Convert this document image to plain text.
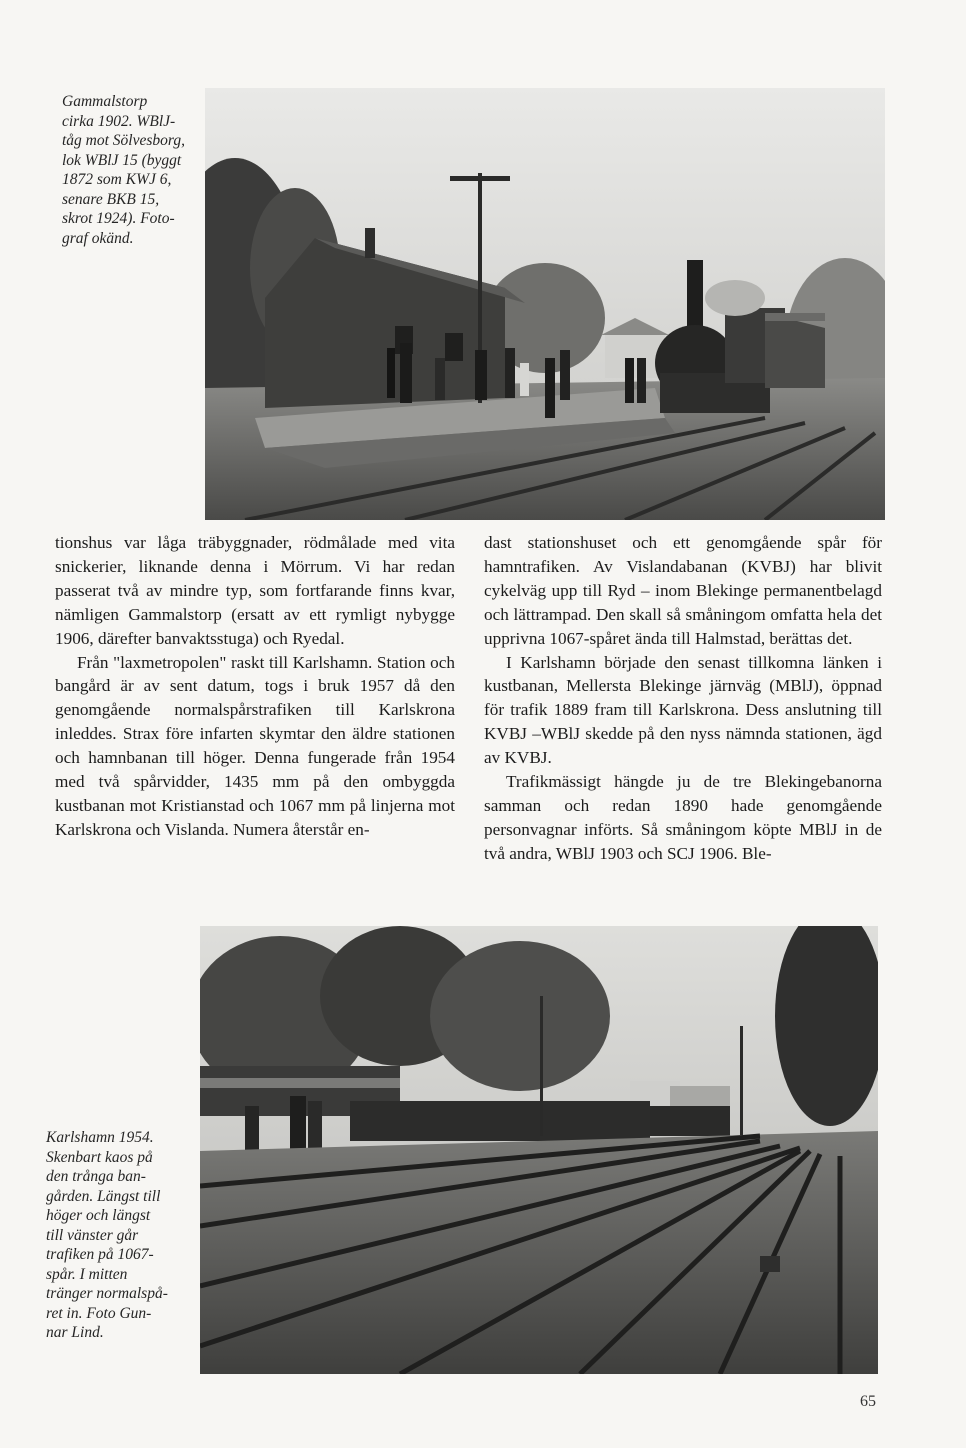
Gammalstorp
cirka 1902. WBlJ-
tåg mot Sölvesborg,
lok WBlJ 15 (byggt
1872 som KWJ 6,
senare BKB 15,
skrot 1924). Foto-
graf okänd.

tionshus var låga träbyggnader, rödmålade med vita snickerier, liknande denna i Mörrum. Vi har redan passerat två av mindre typ, som fortfarande finns kvar, nämligen Gammalstorp (ersatt av ett rymligt nybygge 1906, därefter banvaktsstuga) och Ryedal.

Från "laxmetropolen" raskt till Karlshamn. Station och bangård är av sent datum, togs i bruk 1957 då den genomgående normalspårstrafiken till Karlskrona inleddes. Strax före infarten skymtar den äldre stationen och hamnbanan till höger. Denna fungerade från 1954 med två spårvidder, 1435 mm på den ombyggda kustbanan mot Kristianstad och 1067 mm på linjerna mot Karlskrona och Vislanda. Numera återstår en-

dast stationshuset och ett genomgående spår för hamntrafiken. Av Vislandabanan (KVBJ) har blivit cykelväg upp till Ryd – inom Blekinge permanentbelagd och lättrampad. Den skall så småningom omfatta hela det upprivna 1067-spåret ända till Halmstad, berättas det.

I Karlshamn började den senast tillkomna länken i kustbanan, Mellersta Blekinge järnväg (MBlJ), öppnad för trafik 1889 fram till Karlskrona. Dess anslutning till KVBJ –WBlJ skedde på den nyss nämnda stationen, ägd av KVBJ.

Trafikmässigt hängde ju de tre Blekingebanorna samman och redan 1890 hade genomgående personvagnar införts. Så småningom köpte MBlJ in de två andra, WBlJ 1903 och SCJ 1906. Ble-

Karlshamn 1954.
Skenbart kaos på
den trånga ban-
gården. Längst till
höger och längst
till vänster går
trafiken på 1067-
spår. I mitten
tränger normalspå-
ret in. Foto Gun-
nar Lind.
65
